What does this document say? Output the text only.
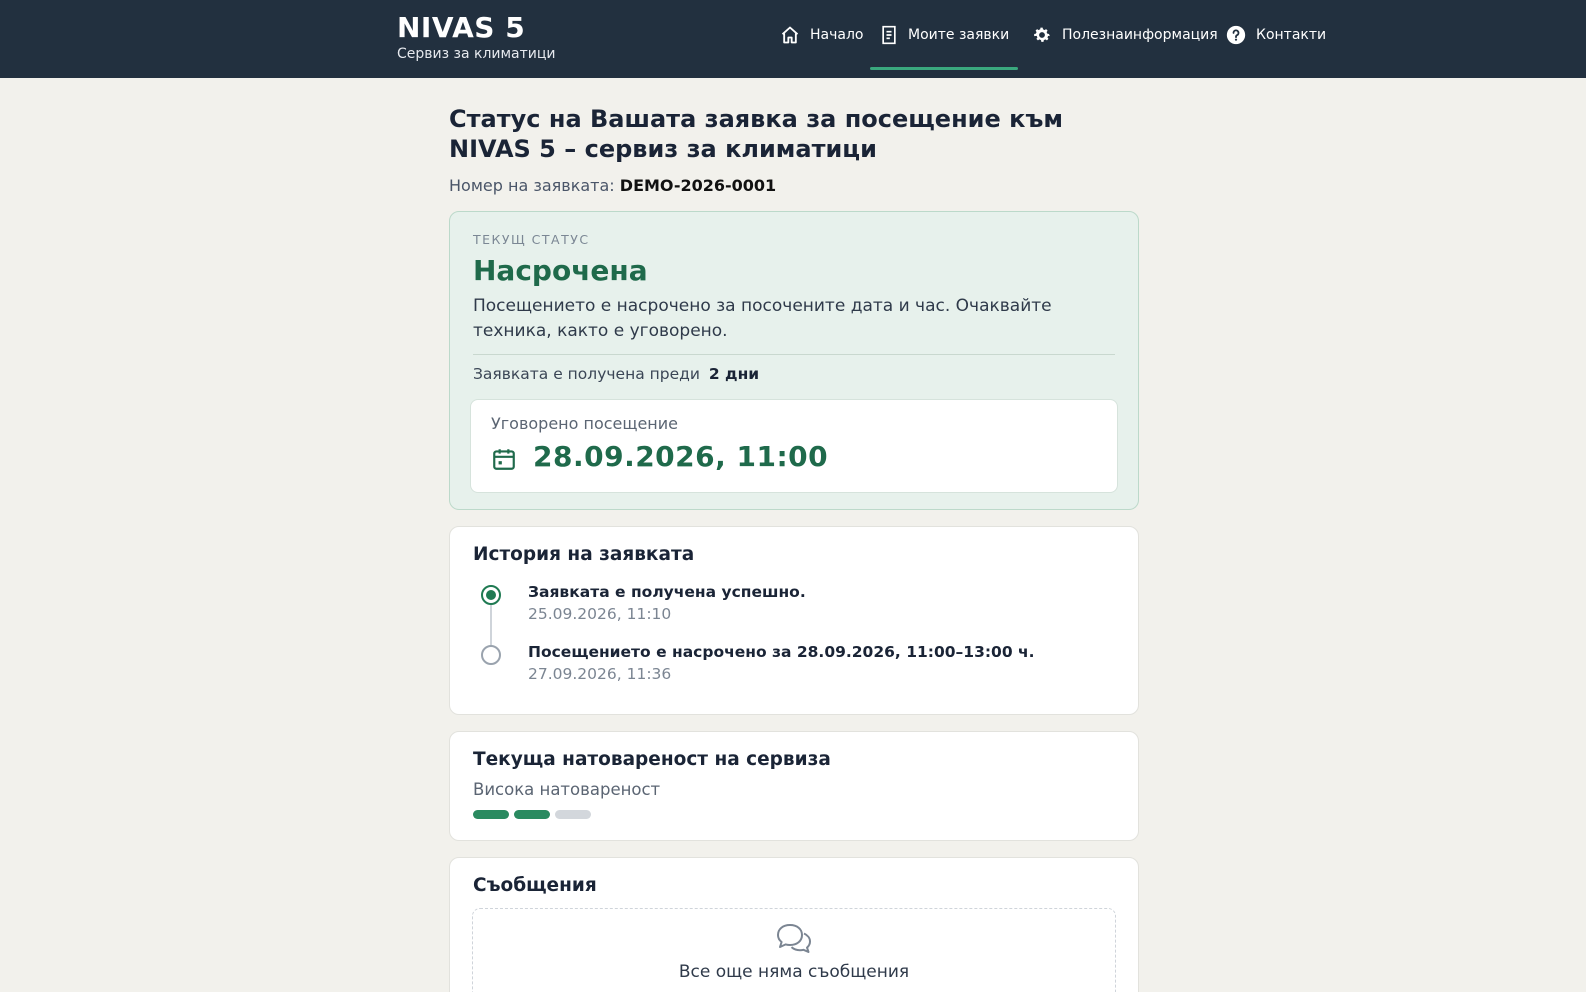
NIVAS 5
Сервиз за климатици
Начало	Моите заявки	Полезнаинформация	Контакти
Статус на Вашата заявка за посещение към NIVAS 5 – сервиз за климатици
Номер на заявката: DEMO-2026-0001
ТЕКУЩ СТАТУС
Насрочена
Посещението е насрочено за посочените дата и час. Очаквайте техника, както е уговорено.
Заявката е получена преди 2 дни
Уговорено посещение
28.09.2026, 11:00
История на заявката
Заявката е получена успешно.
25.09.2026, 11:10
Посещението е насрочено за 28.09.2026, 11:00–13:00 ч.
27.09.2026, 11:36
Текуща натовареност на сервиза
Висока натовареност
Съобщения
Все още няма съобщения
